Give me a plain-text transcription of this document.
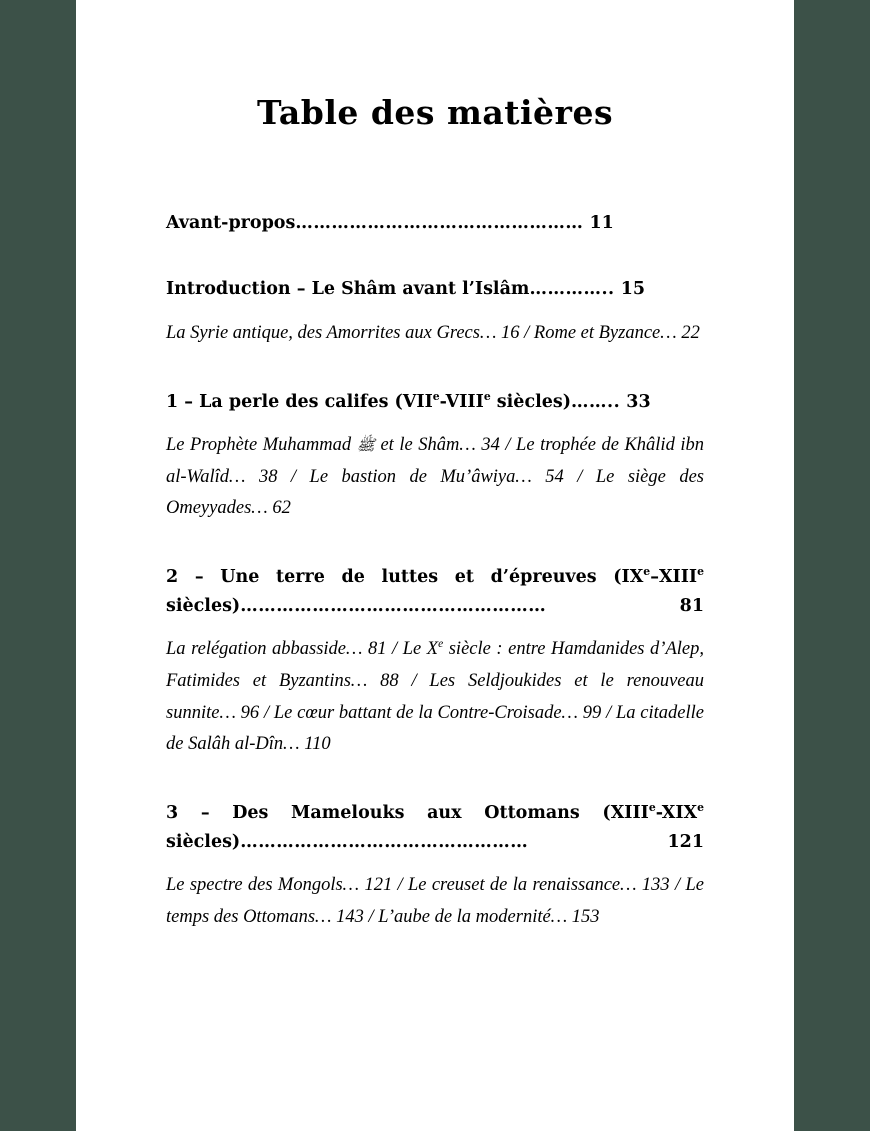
Table des matières
Avant-propos………………………………………… 11
Introduction – Le Shâm avant l’Islâm………….. 15
La Syrie antique, des Amorrites aux Grecs… 16 / Rome et Byzance… 22
1 – La perle des califes (VIIe-VIIIe siècles)…….. 33
Le Prophète Muhammad ﷺ et le Shâm… 34 / Le trophée de Khâlid ibn al-Walîd… 38 / Le bastion de Mu’âwiya… 54 / Le siège des Omeyyades… 62
2 – Une terre de luttes et d’épreuves (IXe–XIIIe siècles)……………………………………………	81
La relégation abbasside… 81 / Le Xe siècle : entre Hamdanides d’Alep, Fatimides et Byzantins… 88 / Les Seldjoukides et le renouveau sunnite… 96 / Le cœur battant de la Contre-Croisade… 99 / La citadelle de Salâh al-Dîn… 110
3 – Des Mamelouks aux Ottomans (XIIIe-XIXe siècles)…………………………………………	121
Le spectre des Mongols… 121 / Le creuset de la renaissance… 133 / Le temps des Ottomans… 143 / L’aube de la modernité… 153
